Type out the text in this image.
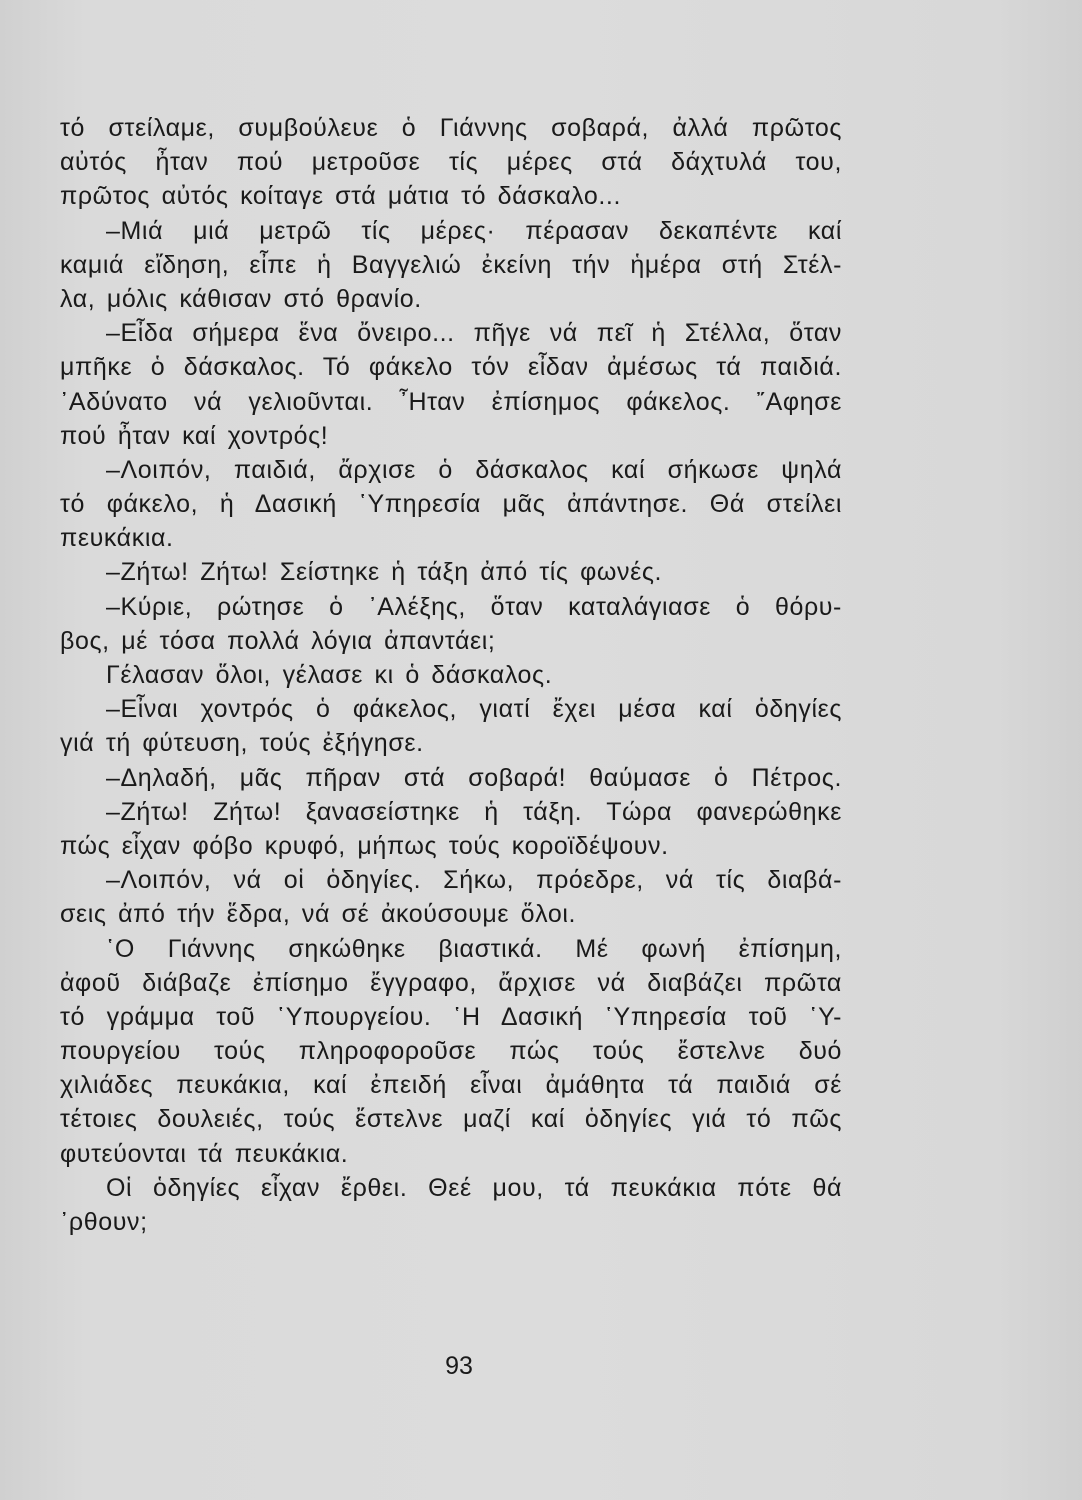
τό στείλαμε, συμβούλευε ὁ Γιάννης σοβαρά, ἀλλά πρῶτος
αὐτός ἦταν πού μετροῦσε τίς μέρες στά δάχτυλά του,
πρῶτος αὐτός κοίταγε στά μάτια τό δάσκαλο...
–Μιά μιά μετρῶ τίς μέρες· πέρασαν δεκαπέντε καί
καμιά εἴδηση, εἶπε ἡ Βαγγελιώ ἐκείνη τήν ἡμέρα στή Στέλ-
λα, μόλις κάθισαν στό θρανίο.
–Εἶδα σήμερα ἕνα ὄνειρο... πῆγε νά πεῖ ἡ Στέλλα, ὅταν
μπῆκε ὁ δάσκαλος. Τό φάκελο τόν εἶδαν ἀμέσως τά παιδιά.
᾿Αδύνατο νά γελιοῦνται. ῏Ηταν ἐπίσημος φάκελος. ῎Αφησε
πού ἦταν καί χοντρός!
–Λοιπόν, παιδιά, ἄρχισε ὁ δάσκαλος καί σήκωσε ψηλά
τό φάκελο, ἡ Δασική ῾Υπηρεσία μᾶς ἀπάντησε. Θά στείλει
πευκάκια.
–Ζήτω! Ζήτω! Σείστηκε ἡ τάξη ἀπό τίς φωνές.
–Κύριε, ρώτησε ὁ ᾿Αλέξης, ὅταν καταλάγιασε ὁ θόρυ-
βος, μέ τόσα πολλά λόγια ἀπαντάει;
Γέλασαν ὅλοι, γέλασε κι ὁ δάσκαλος.
–Εἶναι χοντρός ὁ φάκελος, γιατί ἔχει μέσα καί ὁδηγίες
γιά τή φύτευση, τούς ἐξήγησε.
–Δηλαδή, μᾶς πῆραν στά σοβαρά! θαύμασε ὁ Πέτρος.
–Ζήτω! Ζήτω! ξανασείστηκε ἡ τάξη. Τώρα φανερώθηκε
πώς εἶχαν φόβο κρυφό, μήπως τούς κοροϊδέψουν.
–Λοιπόν, νά οἱ ὁδηγίες. Σήκω, πρόεδρε, νά τίς διαβά-
σεις ἀπό τήν ἕδρα, νά σέ ἀκούσουμε ὅλοι.
῾Ο Γιάννης σηκώθηκε βιαστικά. Μέ φωνή ἐπίσημη,
ἀφοῦ διάβαζε ἐπίσημο ἔγγραφο, ἄρχισε νά διαβάζει πρῶτα
τό γράμμα τοῦ ῾Υπουργείου. ῾Η Δασική ῾Υπηρεσία τοῦ ῾Υ-
πουργείου τούς πληροφοροῦσε πώς τούς ἔστελνε δυό
χιλιάδες πευκάκια, καί ἐπειδή εἶναι ἀμάθητα τά παιδιά σέ
τέτοιες δουλειές, τούς ἔστελνε μαζί καί ὁδηγίες γιά τό πῶς
φυτεύονται τά πευκάκια.
Οἱ ὁδηγίες εἶχαν ἔρθει. Θεέ μου, τά πευκάκια πότε θά
᾿ρθουν;
93
